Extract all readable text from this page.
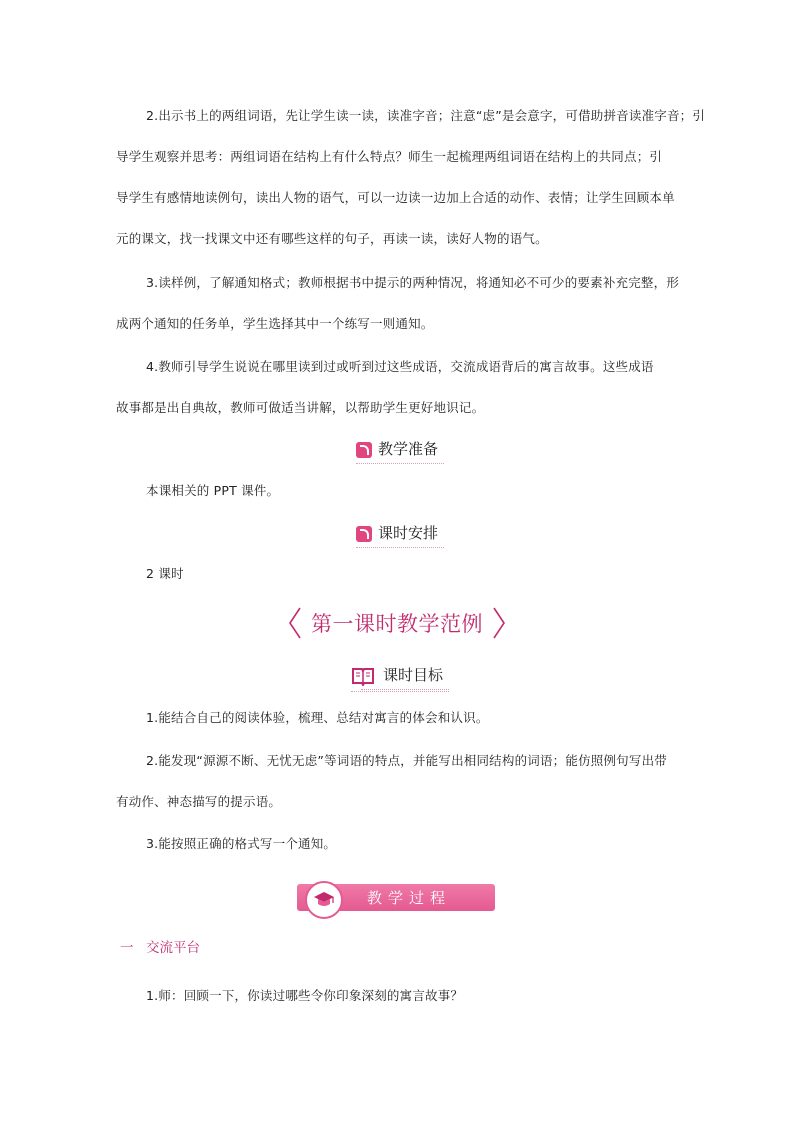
2.出示书上的两组词语，先让学生读一读，读准字音；注意“虑”是会意字，可借助拼音读准字音；引
导学生观察并思考：两组词语在结构上有什么特点？师生一起梳理两组词语在结构上的共同点；引
导学生有感情地读例句，读出人物的语气，可以一边读一边加上合适的动作、表情；让学生回顾本单
元的课文，找一找课文中还有哪些这样的句子，再读一读，读好人物的语气。
3.读样例，了解通知格式；教师根据书中提示的两种情况，将通知必不可少的要素补充完整，形
成两个通知的任务单，学生选择其中一个练写一则通知。
4.教师引导学生说说在哪里读到过或听到过这些成语，交流成语背后的寓言故事。这些成语
故事都是出自典故，教师可做适当讲解，以帮助学生更好地识记。
教学准备
本课相关的 PPT 课件。
课时安排
2 课时
第一课时教学范例
课时目标
1.能结合自己的阅读体验，梳理、总结对寓言的体会和认识。
2.能发现“源源不断、无忧无虑”等词语的特点，并能写出相同结构的词语；能仿照例句写出带
有动作、神态描写的提示语。
3.能按照正确的格式写一个通知。
教学过程
一 交流平台
1.师：回顾一下，你读过哪些令你印象深刻的寓言故事？
